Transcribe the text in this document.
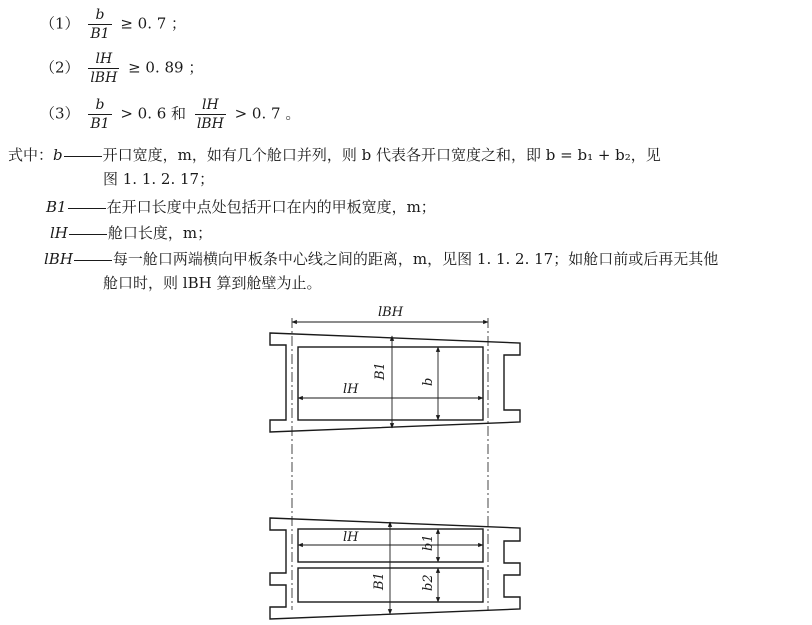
$(1) \frac{b}{B1} \ge 0$. 7 ；
$(2) \frac{lH}{\text{lBH}} \ge 0$. 89 ；
$(3) \frac{b}{B1} > 0$. 6 和 $\frac{lH}{\text{lBH}} > 0$. 7 。
式中：b	开口宽度，m，如有几个舱口并列，则 b 代表各开口宽度之和，即 b = b₁ + b₂，见
图 1. 1. 2. 17；
B1	在开口长度中点处包括开口在内的甲板宽度，m；
lH	舱口长度，m；
lBH	每一舱口两端横向甲板条中心线之间的距离，m，见图 1. 1. 2. 17；如舱口前或后再无其他
舱口时，则 lBH 算到舱壁为止。
lBH
B1
b
lH
lH	b1
b2
B1
